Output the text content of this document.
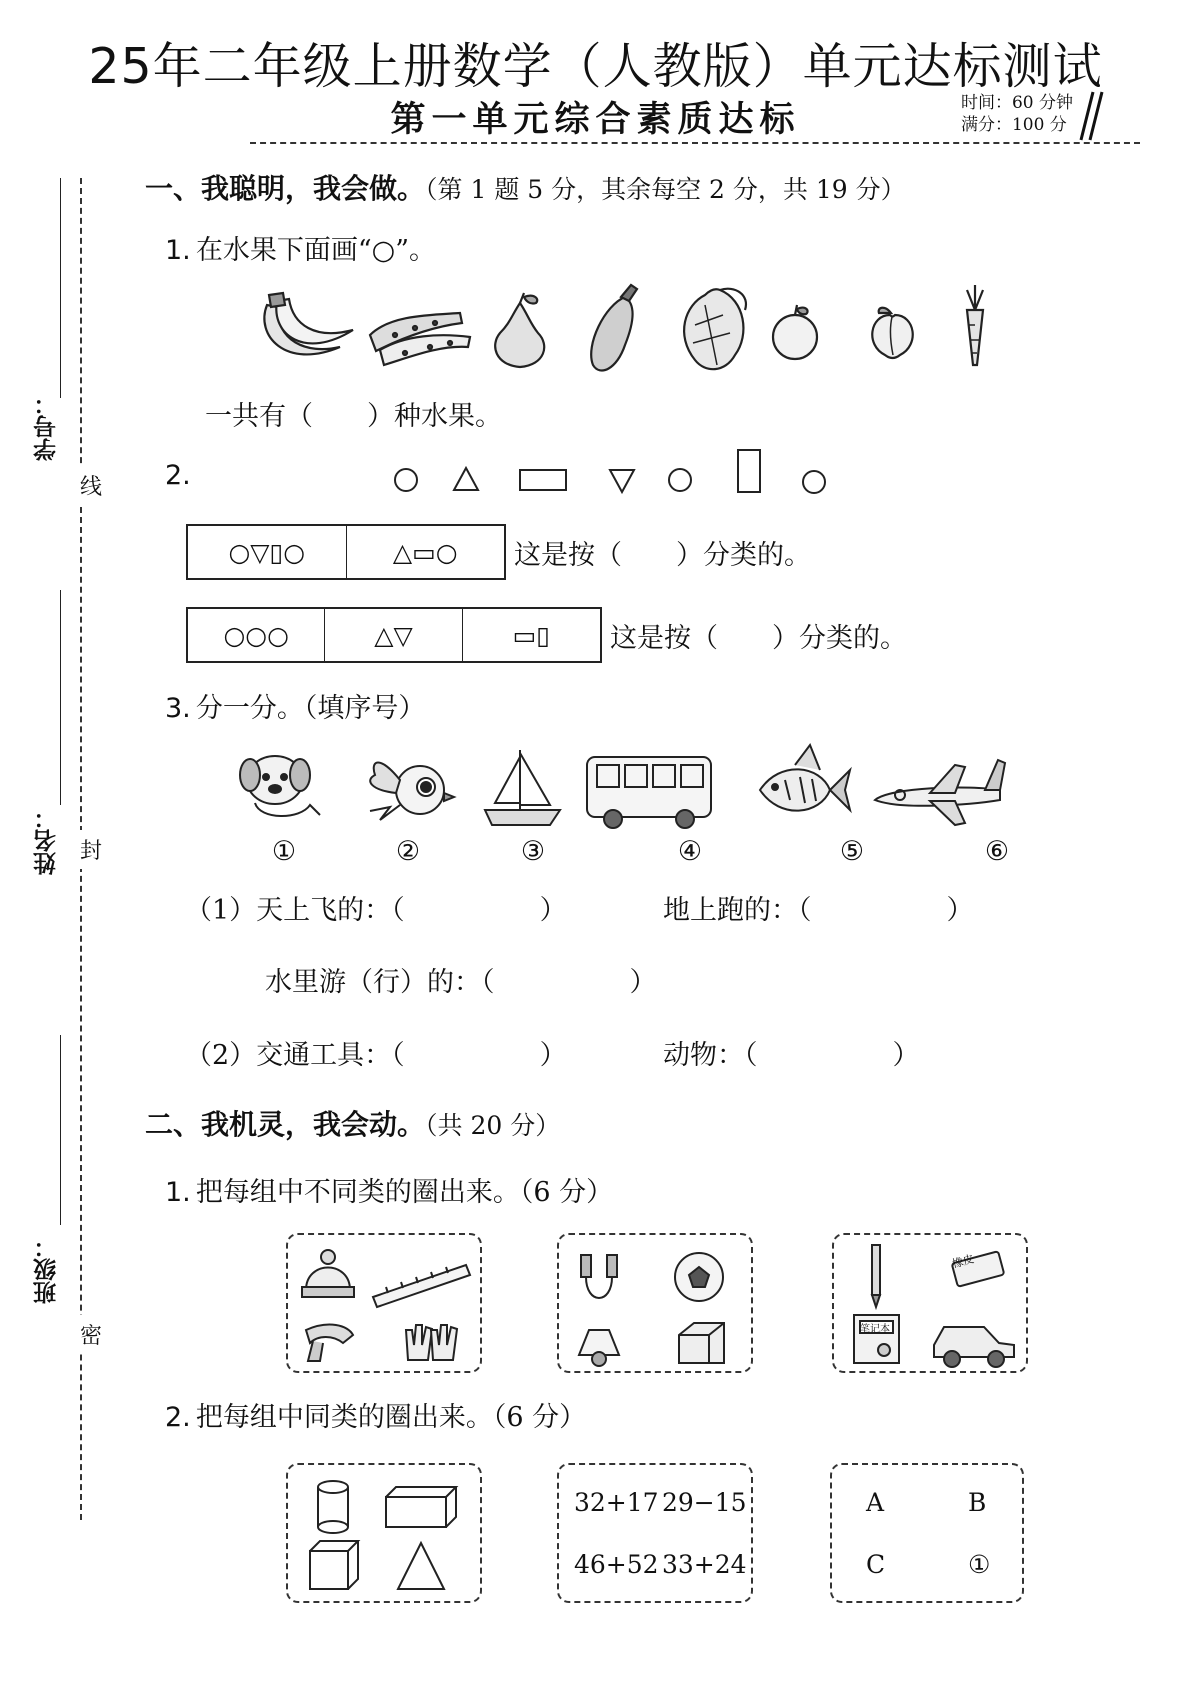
25年二年级上册数学（人教版）单元达标测试
第一单元综合素质达标	时间：60 分钟
满分：100 分
学号：
线
姓名： 封
班级：
密
一、我聪明，我会做。（第 1 题 5 分，其余每空 2 分，共 19 分）
1. 在水果下面画“○”。
一共有（　　）种水果。
2.
○▽▯○	△▭○	这是按（　　）分类的。
○○○	△▽	▭▯	这是按（　　）分类的。
3. 分一分。（填序号）
①	②	③	④	⑤	⑥
（1）天上飞的：（　　　　　）	地上跑的：（　　　　　）
水里游（行）的：（　　　　　）
（2）交通工具：（　　　　　）	动物：（　　　　　）
二、我机灵，我会动。（共 20 分）
1. 把每组中不同类的圈出来。（6 分）
橡皮
笔记本
2. 把每组中同类的圈出来。（6 分）
32+17 29−15
46+52 33+24
A	B
C	①
